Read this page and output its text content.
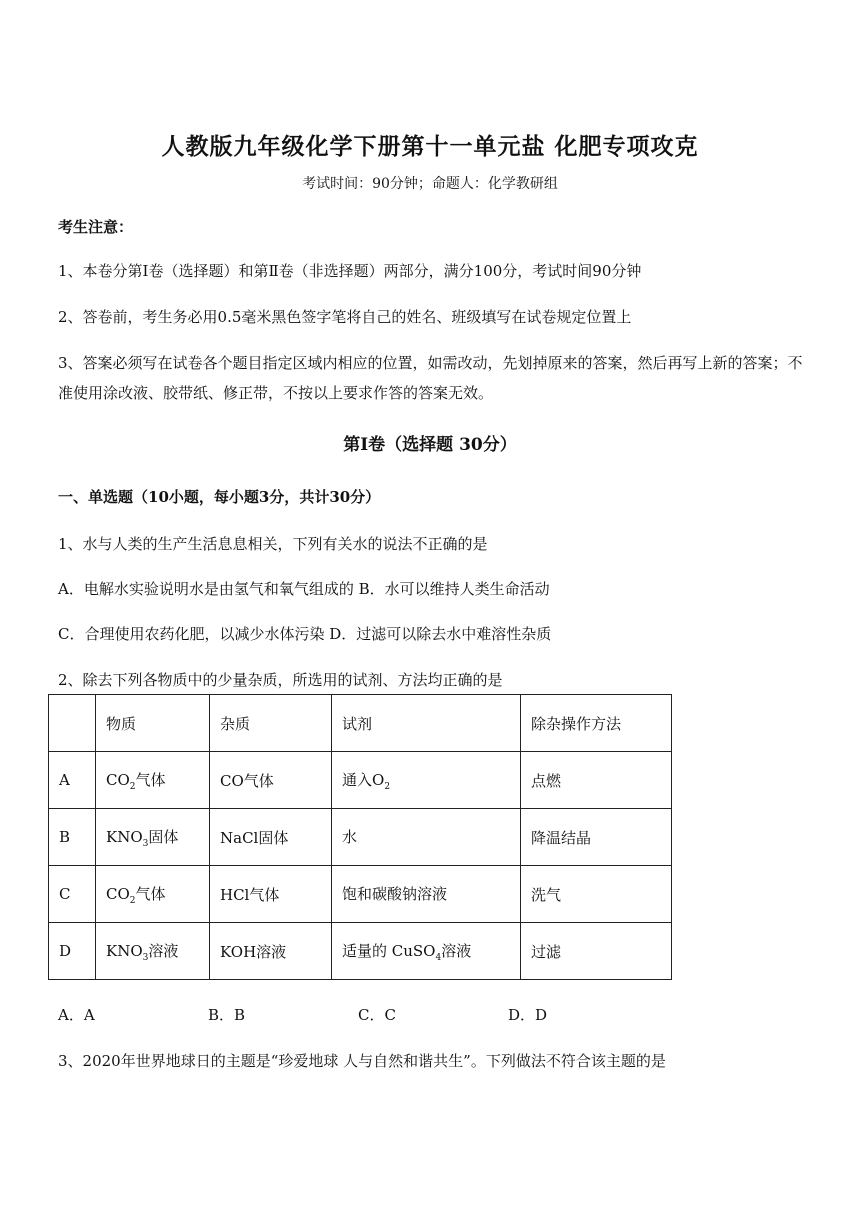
人教版九年级化学下册第十一单元盐 化肥专项攻克
考试时间：90分钟；命题人：化学教研组
考生注意：
1、本卷分第Ⅰ卷（选择题）和第Ⅱ卷（非选择题）两部分，满分100分，考试时间90分钟
2、答卷前，考生务必用0.5毫米黑色签字笔将自己的姓名、班级填写在试卷规定位置上
3、答案必须写在试卷各个题目指定区域内相应的位置，如需改动，先划掉原来的答案，然后再写上新的答案；不准使用涂改液、胶带纸、修正带，不按以上要求作答的答案无效。
第Ⅰ卷（选择题 30分）
一、单选题（10小题，每小题3分，共计30分）
1、水与人类的生产生活息息相关，下列有关水的说法不正确的是
A．电解水实验说明水是由氢气和氧气组成的 B．水可以维持人类生命活动
C．合理使用农药化肥，以减少水体污染 D．过滤可以除去水中难溶性杂质
2、除去下列各物质中的少量杂质，所选用的试剂、方法均正确的是
	物质	杂质	试剂	除杂操作方法
A	$CO_2$气体	CO气体	通入$O_2$	点燃
B	$KNO_3$固体	NaCl固体	水	降温结晶
C	$CO_2$气体	HCl气体	饱和碳酸钠溶液	洗气
D	$KNO_3$溶液	KOH溶液	适量的 CuSO$_4$溶液	过滤
A．A	B．B	C．C	D．D
3、2020年世界地球日的主题是“珍爱地球 人与自然和谐共生”。下列做法不符合该主题的是
